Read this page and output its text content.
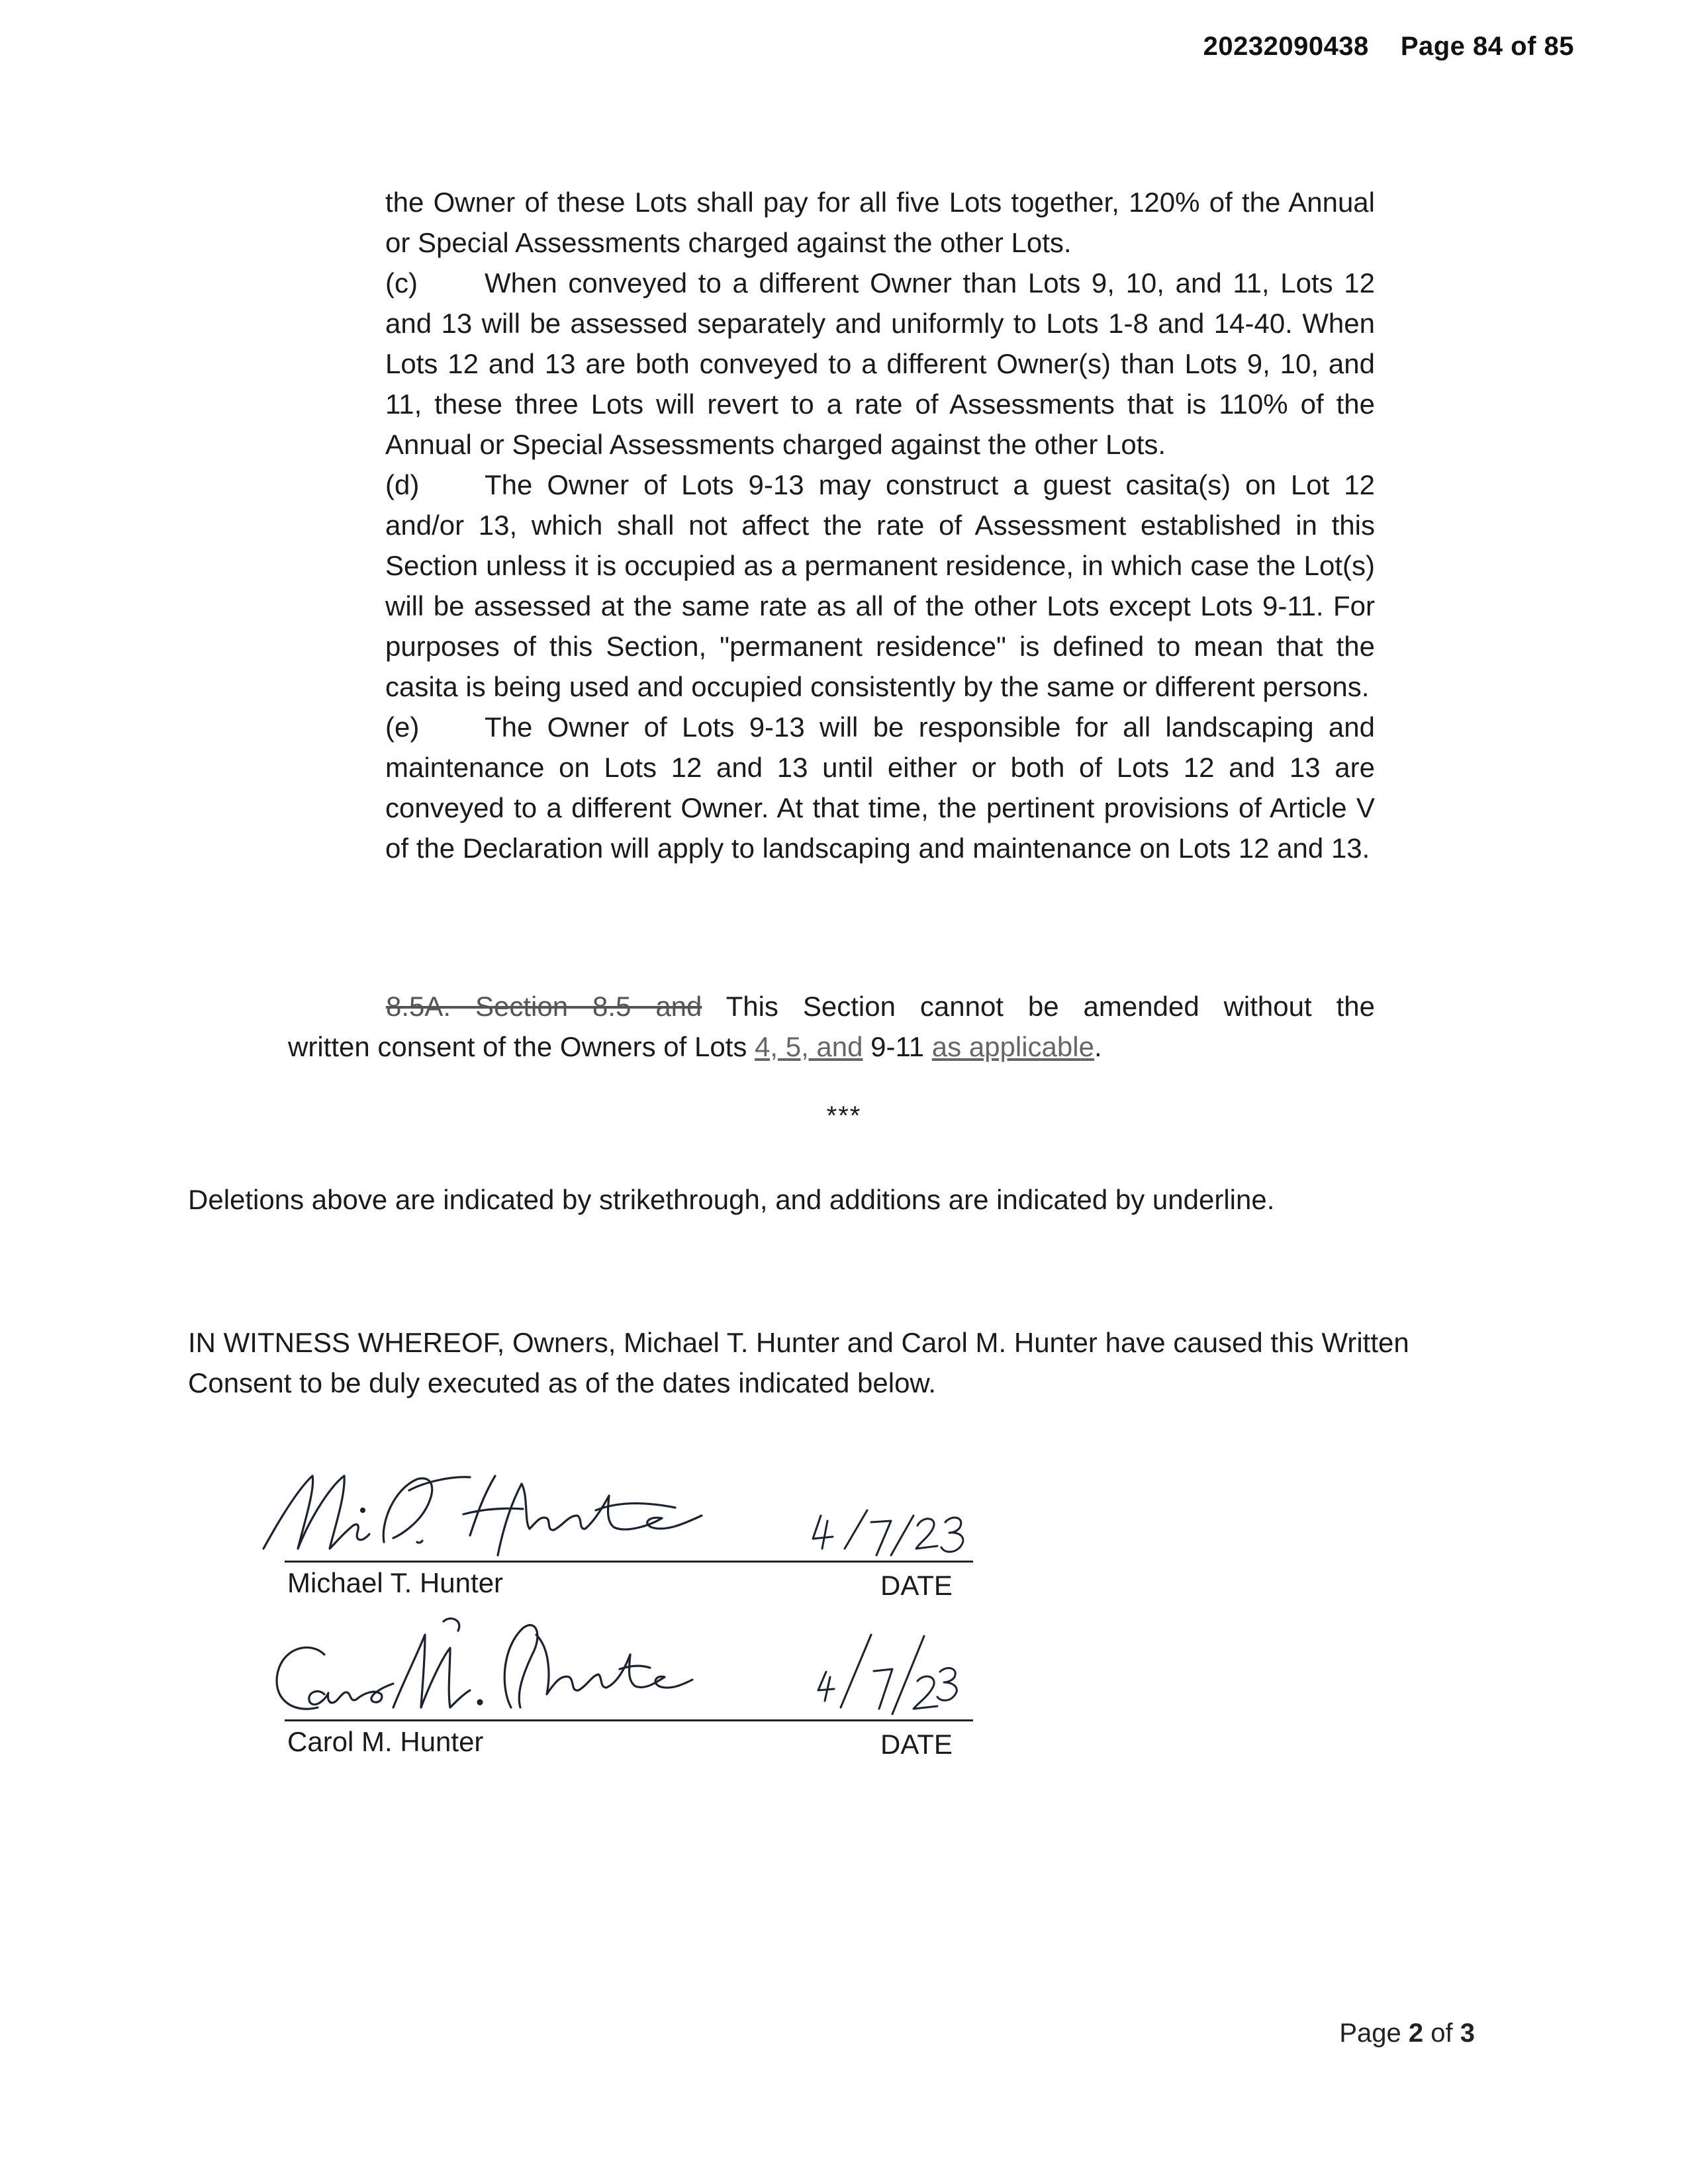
20232090438 Page 84 of 85

the Owner of these Lots shall pay for all five Lots together, 120% of the Annual or Special Assessments charged against the other Lots.

(c) When conveyed to a different Owner than Lots 9, 10, and 11, Lots 12 and 13 will be assessed separately and uniformly to Lots 1-8 and 14-40. When Lots 12 and 13 are both conveyed to a different Owner(s) than Lots 9, 10, and 11, these three Lots will revert to a rate of Assessments that is 110% of the Annual or Special Assessments charged against the other Lots.

(d) The Owner of Lots 9-13 may construct a guest casita(s) on Lot 12 and/or 13, which shall not affect the rate of Assessment established in this Section unless it is occupied as a permanent residence, in which case the Lot(s) will be assessed at the same rate as all of the other Lots except Lots 9-11. For purposes of this Section, "permanent residence" is defined to mean that the casita is being used and occupied consistently by the same or different persons.

(e) The Owner of Lots 9-13 will be responsible for all landscaping and maintenance on Lots 12 and 13 until either or both of Lots 12 and 13 are conveyed to a different Owner. At that time, the pertinent provisions of Article V of the Declaration will apply to landscaping and maintenance on Lots 12 and 13.

8.5A. Section 8.5 and This Section cannot be amended without the

written consent of the Owners of Lots 4, 5, and 9-11 as applicable.

***
Deletions above are indicated by strikethrough, and additions are indicated by underline.

IN WITNESS WHEREOF, Owners, Michael T. Hunter and Carol M. Hunter have caused this Written Consent to be duly executed as of the dates indicated below.

Michael T. Hunter	DATE
Carol M. Hunter	DATE
Page 2 of 3
